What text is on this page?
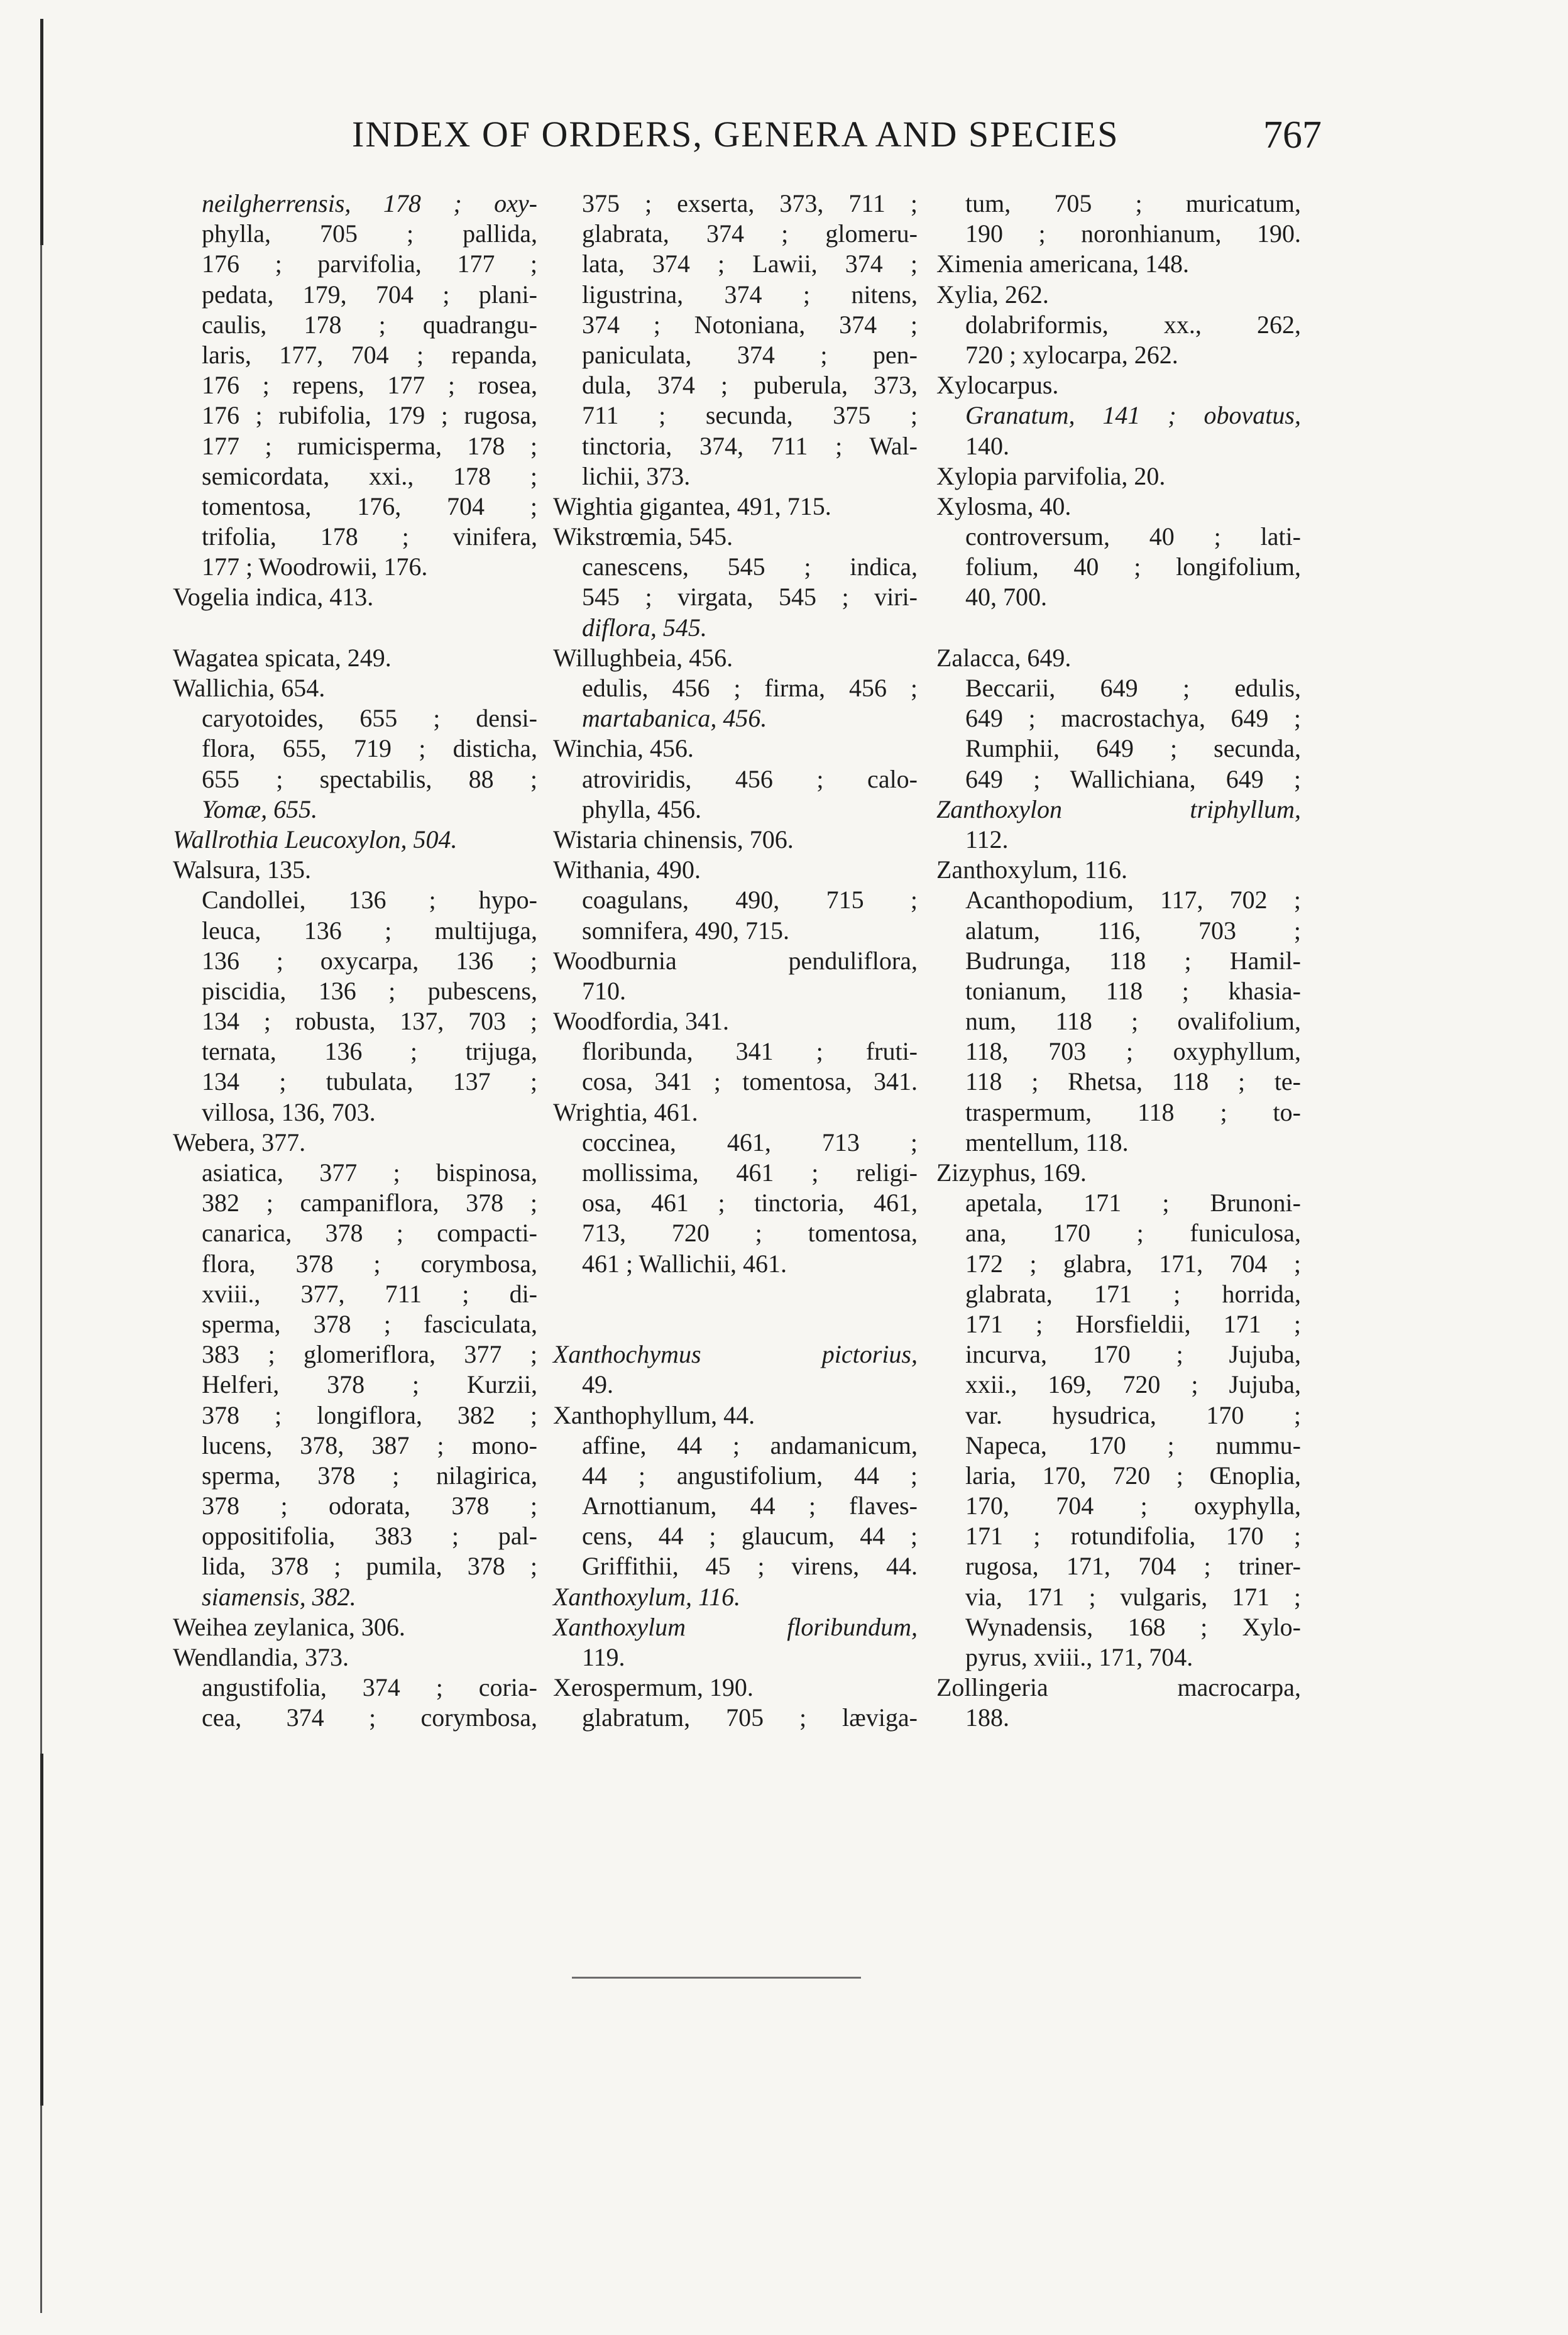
INDEX OF ORDERS, GENERA AND SPECIES	767
neilgherrensis, 178 ; oxy-
phylla, 705 ; pallida,
176 ; parvifolia, 177 ;
pedata, 179, 704 ; plani-
caulis, 178 ; quadrangu-
laris, 177, 704 ; repanda,
176 ; repens, 177 ; rosea,
176 ; rubifolia, 179 ; rugosa,
177 ; rumicisperma, 178 ;
semicordata, xxi., 178 ;
tomentosa, 176, 704 ;
trifolia, 178 ; vinifera,
177 ; Woodrowii, 176.
Vogelia indica, 413.
Wagatea spicata, 249.
Wallichia, 654.
caryotoides, 655 ; densi-
flora, 655, 719 ; disticha,
655 ; spectabilis, 88 ;
Yomæ, 655.
Wallrothia Leucoxylon, 504.
Walsura, 135.
Candollei, 136 ; hypo-
leuca, 136 ; multijuga,
136 ; oxycarpa, 136 ;
piscidia, 136 ; pubescens,
134 ; robusta, 137, 703 ;
ternata, 136 ; trijuga,
134 ; tubulata, 137 ;
villosa, 136, 703.
Webera, 377.
asiatica, 377 ; bispinosa,
382 ; campaniflora, 378 ;
canarica, 378 ; compacti-
flora, 378 ; corymbosa,
xviii., 377, 711 ; di-
sperma, 378 ; fasciculata,
383 ; glomeriflora, 377 ;
Helferi, 378 ; Kurzii,
378 ; longiflora, 382 ;
lucens, 378, 387 ; mono-
sperma, 378 ; nilagirica,
378 ; odorata, 378 ;
oppositifolia, 383 ; pal-
lida, 378 ; pumila, 378 ;
siamensis, 382.
Weihea zeylanica, 306.
Wendlandia, 373.
angustifolia, 374 ; coria-
cea, 374 ; corymbosa,
375 ; exserta, 373, 711 ;
glabrata, 374 ; glomeru-
lata, 374 ; Lawii, 374 ;
ligustrina, 374 ; nitens,
374 ; Notoniana, 374 ;
paniculata, 374 ; pen-
dula, 374 ; puberula, 373,
711 ; secunda, 375 ;
tinctoria, 374, 711 ; Wal-
lichii, 373.
Wightia gigantea, 491, 715.
Wikstrœmia, 545.
canescens, 545 ; indica,
545 ; virgata, 545 ; viri-
diflora, 545.
Willughbeia, 456.
edulis, 456 ; firma, 456 ;
martabanica, 456.
Winchia, 456.
atroviridis, 456 ; calo-
phylla, 456.
Wistaria chinensis, 706.
Withania, 490.
coagulans, 490, 715 ;
somnifera, 490, 715.
Woodburnia penduliflora,
710.
Woodfordia, 341.
floribunda, 341 ; fruti-
cosa, 341 ; tomentosa, 341.
Wrightia, 461.
coccinea, 461, 713 ;
mollissima, 461 ; religi-
osa, 461 ; tinctoria, 461,
713, 720 ; tomentosa,
461 ; Wallichii, 461.
Xanthochymus pictorius,
49.
Xanthophyllum, 44.
affine, 44 ; andamanicum,
44 ; angustifolium, 44 ;
Arnottianum, 44 ; flaves-
cens, 44 ; glaucum, 44 ;
Griffithii, 45 ; virens, 44.
Xanthoxylum, 116.
Xanthoxylum floribundum,
119.
Xerospermum, 190.
glabratum, 705 ; læviga-
tum, 705 ; muricatum,
190 ; noronhianum, 190.
Ximenia americana, 148.
Xylia, 262.
dolabriformis, xx., 262,
720 ; xylocarpa, 262.
Xylocarpus.
Granatum, 141 ; obovatus,
140.
Xylopia parvifolia, 20.
Xylosma, 40.
controversum, 40 ; lati-
folium, 40 ; longifolium,
40, 700.
Zalacca, 649.
Beccarii, 649 ; edulis,
649 ; macrostachya, 649 ;
Rumphii, 649 ; secunda,
649 ; Wallichiana, 649 ;
Zanthoxylon triphyllum,
112.
Zanthoxylum, 116.
Acanthopodium, 117, 702 ;
alatum, 116, 703 ;
Budrunga, 118 ; Hamil-
tonianum, 118 ; khasia-
num, 118 ; ovalifolium,
118, 703 ; oxyphyllum,
118 ; Rhetsa, 118 ; te-
traspermum, 118 ; to-
mentellum, 118.
Zizyphus, 169.
apetala, 171 ; Brunoni-
ana, 170 ; funiculosa,
172 ; glabra, 171, 704 ;
glabrata, 171 ; horrida,
171 ; Horsfieldii, 171 ;
incurva, 170 ; Jujuba,
xxii., 169, 720 ; Jujuba,
var. hysudrica, 170 ;
Napeca, 170 ; nummu-
laria, 170, 720 ; Œnoplia,
170, 704 ; oxyphylla,
171 ; rotundifolia, 170 ;
rugosa, 171, 704 ; triner-
via, 171 ; vulgaris, 171 ;
Wynadensis, 168 ; Xylo-
pyrus, xviii., 171, 704.
Zollingeria macrocarpa,
188.
